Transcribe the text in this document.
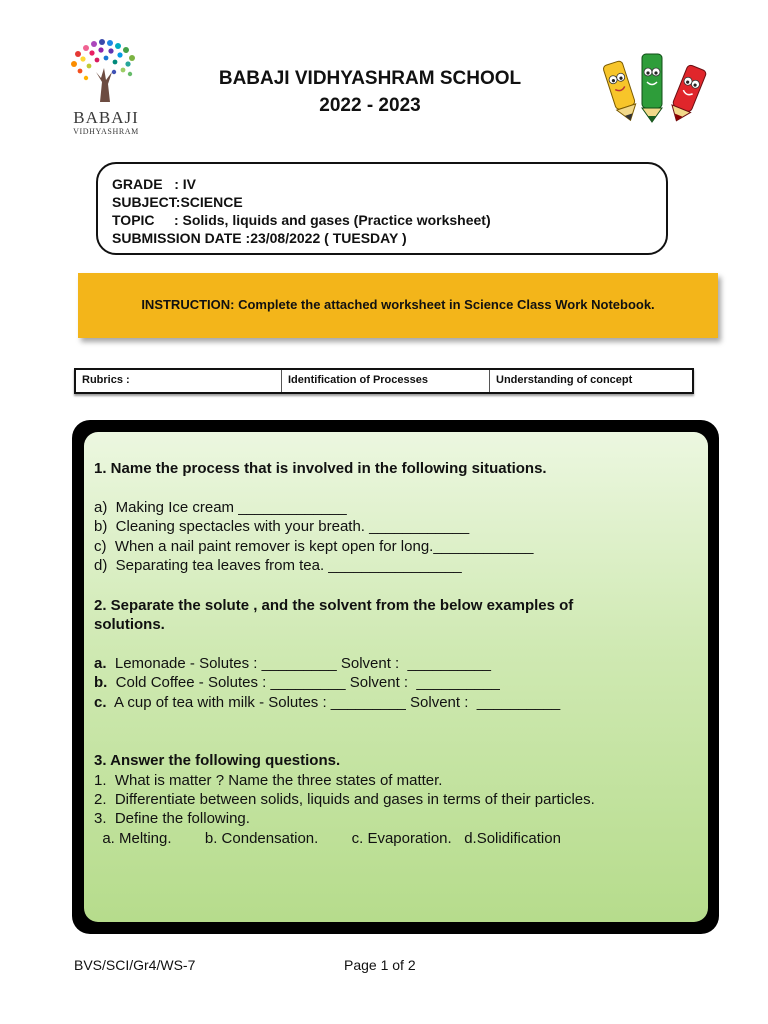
BABAJI
VIDHYASHRAM
BABAJI VIDHYASHRAM SCHOOL
2022 - 2023
GRADE   : IV
SUBJECT:SCIENCE
TOPIC     : Solids, liquids and gases (Practice worksheet)
SUBMISSION DATE :23/08/2022 ( TUESDAY )
INSTRUCTION: Complete the attached worksheet in Science Class Work Notebook.
Rubrics :	Identification of Processes	Understanding of concept
1. Name the process that is involved in the following situations.
a)  Making Ice cream _____________
b)  Cleaning spectacles with your breath. ____________
c)  When a nail paint remover is kept open for long.____________
d)  Separating tea leaves from tea. ________________
2. Separate the solute , and the solvent from the below examples of
solutions.
a.  Lemonade - Solutes : _________ Solvent :  __________
b.  Cold Coffee - Solutes : _________ Solvent :  __________
c.  A cup of tea with milk - Solutes : _________ Solvent :  __________
3. Answer the following questions.
1.  What is matter ? Name the three states of matter.
2.  Differentiate between solids, liquids and gases in terms of their particles.
3.  Define the following.
a. Melting.        b. Condensation.        c. Evaporation.   d.Solidification
BVS/SCI/Gr4/WS-7	Page 1 of 2
